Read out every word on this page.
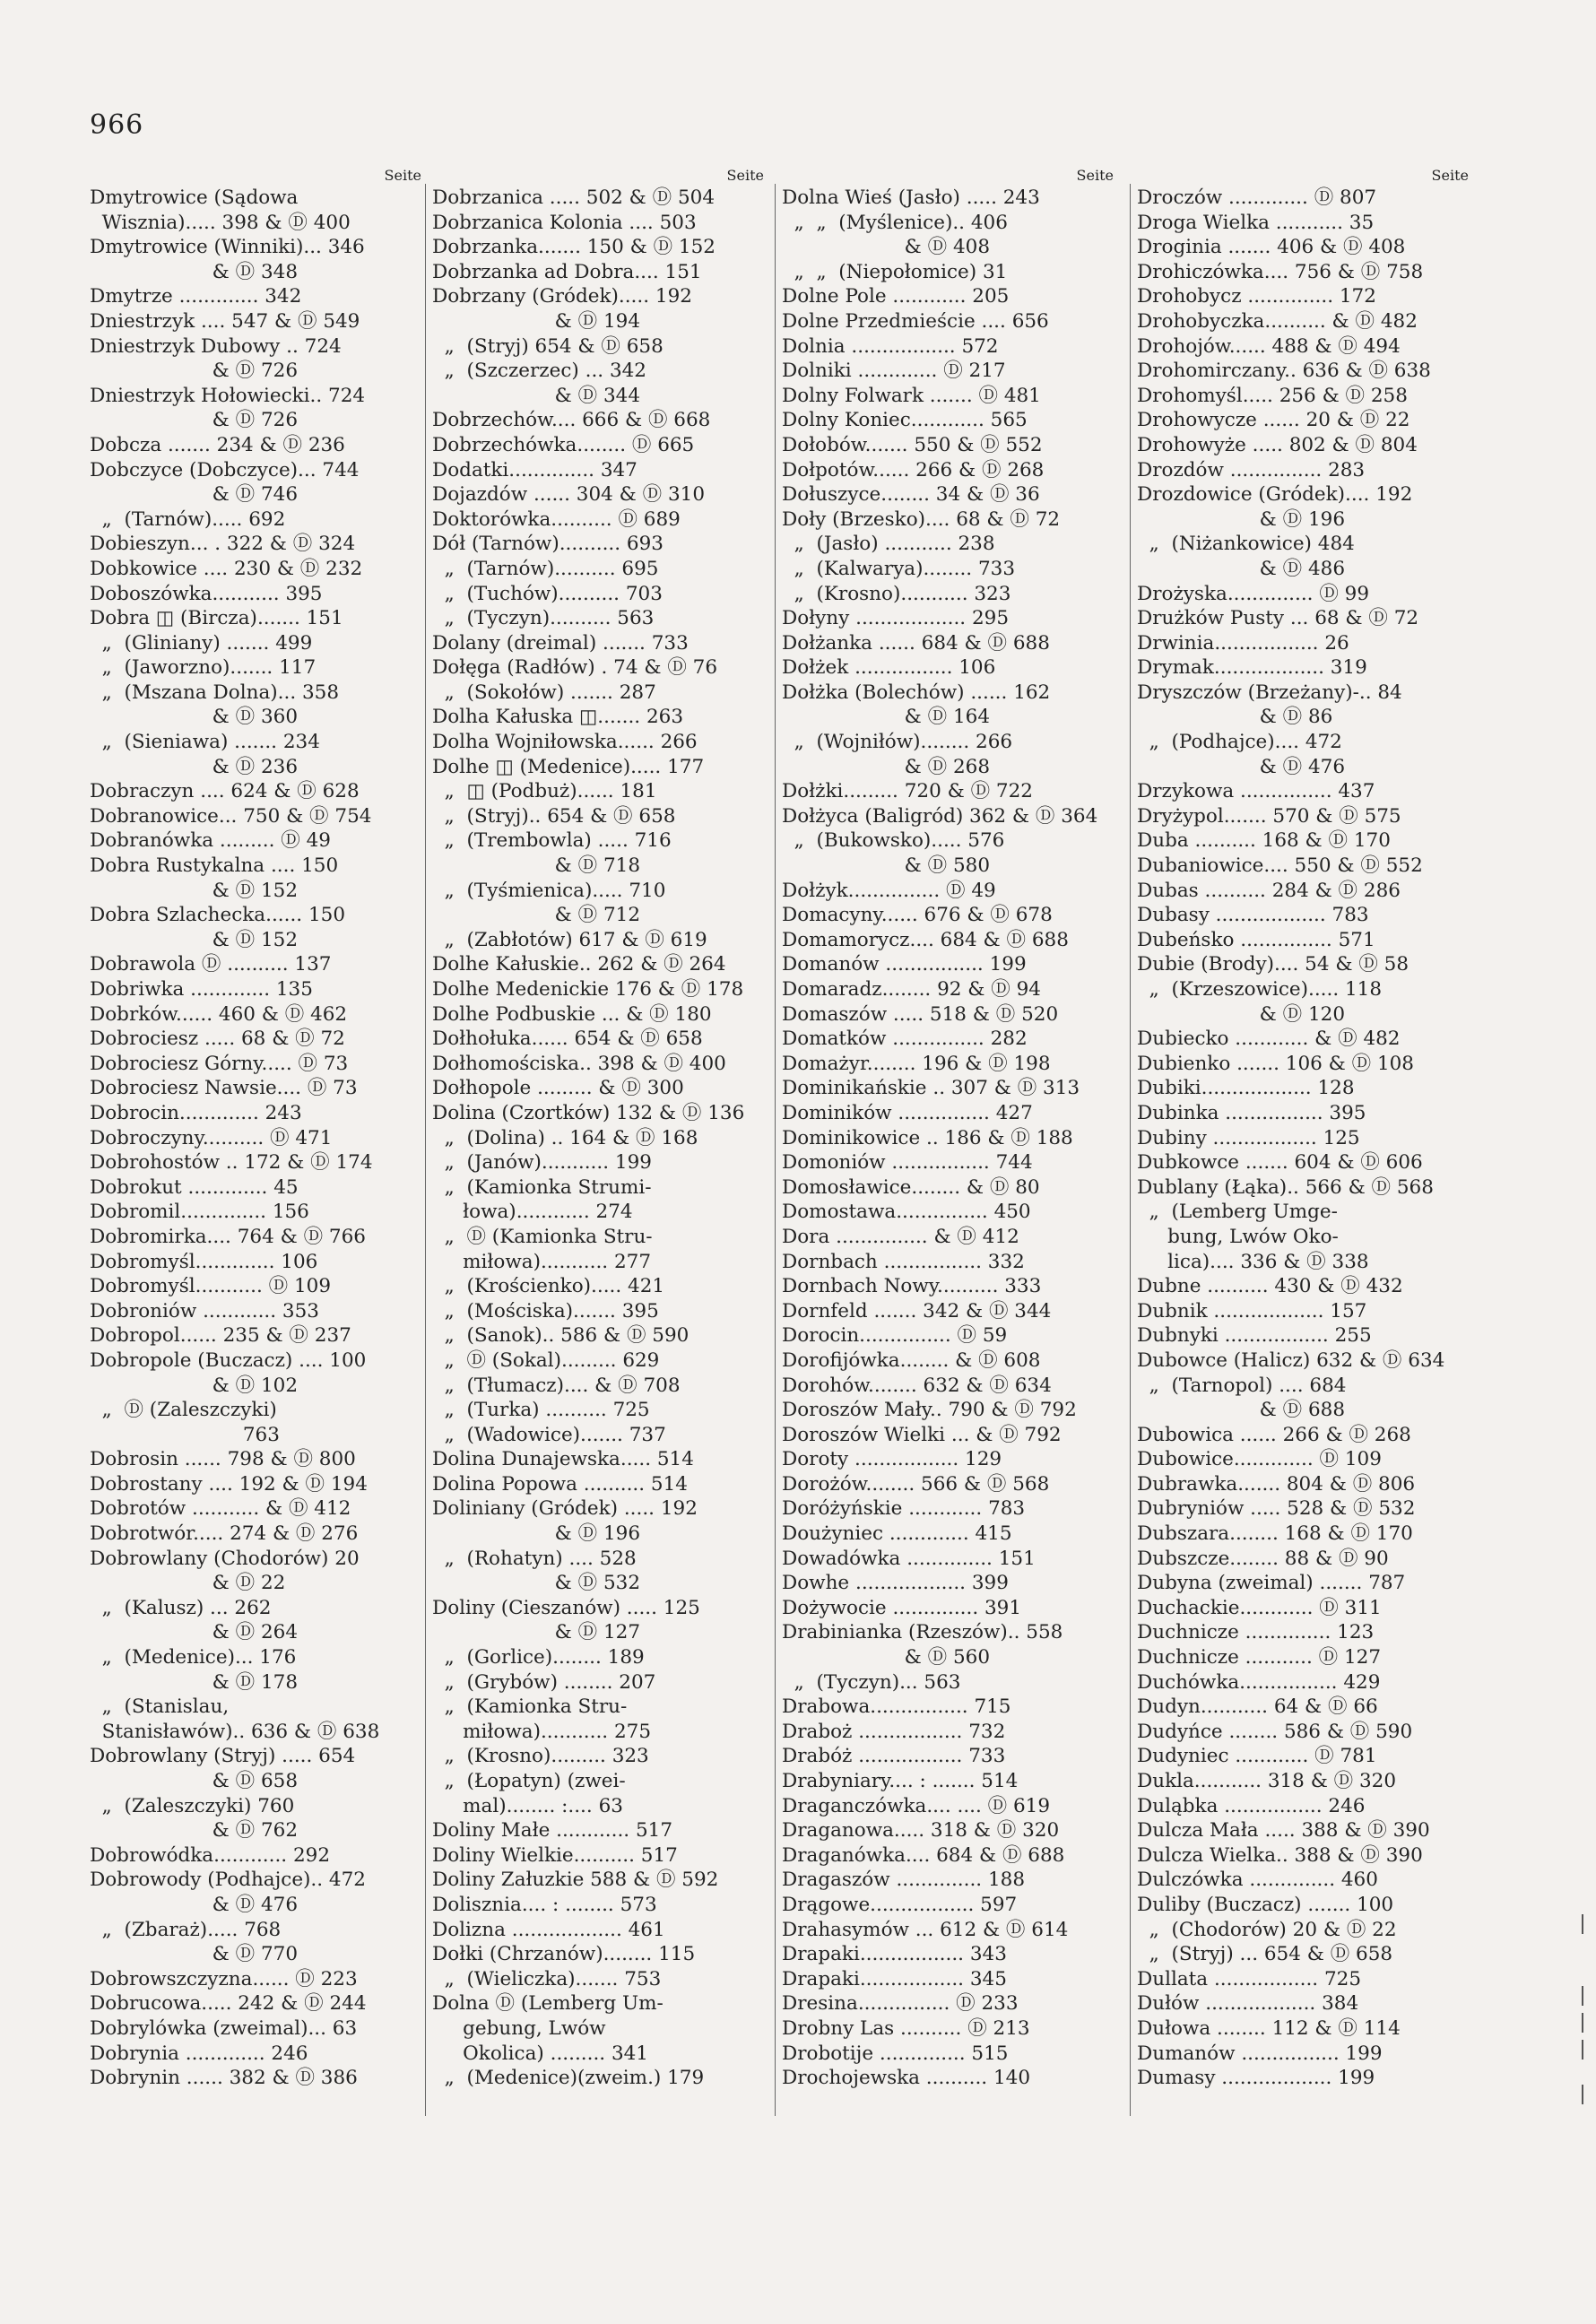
966
Seite
Dmytrowice (Sądowa
Wisznia)..... 398 & Ⓓ 400
Dmytrowice (Winniki)... 346
& Ⓓ 348
Dmytrze ............. 342
Dniestrzyk .... 547 & Ⓓ 549
Dniestrzyk Dubowy .. 724
& Ⓓ 726
Dniestrzyk Hołowiecki.. 724
& Ⓓ 726
Dobcza ....... 234 & Ⓓ 236
Dobczyce (Dobczyce)... 744
& Ⓓ 746
„  (Tarnów)..... 692
Dobieszyn... . 322 & Ⓓ 324
Dobkowice .... 230 & Ⓓ 232
Doboszówka........... 395
Dobra ◫ (Bircza)....... 151
„  (Gliniany) ....... 499
„  (Jaworzno)....... 117
„  (Mszana Dolna)... 358
& Ⓓ 360
„  (Sieniawa) ....... 234
& Ⓓ 236
Dobraczyn .... 624 & Ⓓ 628
Dobranowice... 750 & Ⓓ 754
Dobranówka ......... Ⓓ 49
Dobra Rustykalna .... 150
& Ⓓ 152
Dobra Szlachecka...... 150
& Ⓓ 152
Dobrawola Ⓓ .......... 137
Dobriwka ............. 135
Dobrków...... 460 & Ⓓ 462
Dobrociesz ..... 68 & Ⓓ 72
Dobrociesz Górny..... Ⓓ 73
Dobrociesz Nawsie.... Ⓓ 73
Dobrocin............. 243
Dobroczyny.......... Ⓓ 471
Dobrohostów .. 172 & Ⓓ 174
Dobrokut ............. 45
Dobromil.............. 156
Dobromirka.... 764 & Ⓓ 766
Dobromyśl............. 106
Dobromyśl........... Ⓓ 109
Dobroniów ............ 353
Dobropol...... 235 & Ⓓ 237
Dobropole (Buczacz) .... 100
& Ⓓ 102
„  Ⓓ (Zaleszczyki)
763
Dobrosin ...... 798 & Ⓓ 800
Dobrostany .... 192 & Ⓓ 194
Dobrotów ........... & Ⓓ 412
Dobrotwór..... 274 & Ⓓ 276
Dobrowlany (Chodorów) 20
& Ⓓ 22
„  (Kalusz) ... 262
& Ⓓ 264
„  (Medenice)... 176
& Ⓓ 178
„  (Stanislau,
Stanisławów).. 636 & Ⓓ 638
Dobrowlany (Stryj) ..... 654
& Ⓓ 658
„  (Zaleszczyki) 760
& Ⓓ 762
Dobrowódka............ 292
Dobrowody (Podhajce).. 472
& Ⓓ 476
„  (Zbaraż)..... 768
& Ⓓ 770
Dobrowszczyzna...... Ⓓ 223
Dobrucowa..... 242 & Ⓓ 244
Dobrylówka (zweimal)... 63
Dobrynia ............. 246
Dobrynin ...... 382 & Ⓓ 386
Seite
Dobrzanica ..... 502 & Ⓓ 504
Dobrzanica Kolonia .... 503
Dobrzanka....... 150 & Ⓓ 152
Dobrzanka ad Dobra.... 151
Dobrzany (Gródek)..... 192
& Ⓓ 194
„  (Stryj) 654 & Ⓓ 658
„  (Szczerzec) ... 342
& Ⓓ 344
Dobrzechów.... 666 & Ⓓ 668
Dobrzechówka........ Ⓓ 665
Dodatki.............. 347
Dojazdów ...... 304 & Ⓓ 310
Doktorówka.......... Ⓓ 689
Dół (Tarnów).......... 693
„  (Tarnów).......... 695
„  (Tuchów).......... 703
„  (Tyczyn).......... 563
Dolany (dreimal) ....... 733
Dołęga (Radłów) . 74 & Ⓓ 76
„  (Sokołów) ....... 287
Dolha Kałuska ◫....... 263
Dolha Wojniłowska...... 266
Dolhe ◫ (Medenice)..... 177
„  ◫ (Podbuż)...... 181
„  (Stryj).. 654 & Ⓓ 658
„  (Trembowla) ..... 716
& Ⓓ 718
„  (Tyśmienica)..... 710
& Ⓓ 712
„  (Zabłotów) 617 & Ⓓ 619
Dolhe Kałuskie.. 262 & Ⓓ 264
Dolhe Medenickie 176 & Ⓓ 178
Dolhe Podbuskie ... & Ⓓ 180
Dołhołuka...... 654 & Ⓓ 658
Dołhomościska.. 398 & Ⓓ 400
Dołhopole ......... & Ⓓ 300
Dolina (Czortków) 132 & Ⓓ 136
„  (Dolina) .. 164 & Ⓓ 168
„  (Janów)........... 199
„  (Kamionka Strumi-
łowa)............ 274
„  Ⓓ (Kamionka Stru-
miłowa)........... 277
„  (Krościenko)..... 421
„  (Mościska)....... 395
„  (Sanok).. 586 & Ⓓ 590
„  Ⓓ (Sokal)......... 629
„  (Tłumacz).... & Ⓓ 708
„  (Turka) .......... 725
„  (Wadowice)....... 737
Dolina Dunajewska..... 514
Dolina Popowa .......... 514
Doliniany (Gródek) ..... 192
& Ⓓ 196
„  (Rohatyn) .... 528
& Ⓓ 532
Doliny (Cieszanów) ..... 125
& Ⓓ 127
„  (Gorlice)........ 189
„  (Grybów) ........ 207
„  (Kamionka Stru-
miłowa)........... 275
„  (Krosno)......... 323
„  (Łopatyn) (zwei-
mal)........ :.... 63
Doliny Małe ............ 517
Doliny Wielkie.......... 517
Doliny Załuzkie 588 & Ⓓ 592
Dolisznia.... : ........ 573
Dolizna .................. 461
Dołki (Chrzanów)........ 115
„  (Wieliczka)....... 753
Dolna Ⓓ (Lemberg Um-
gebung, Lwów
Okolica) ......... 341
„  (Medenice)(zweim.) 179
Seite
Dolna Wieś (Jasło) ..... 243
„  „  (Myślenice).. 406
& Ⓓ 408
„  „  (Niepołomice) 31
Dolne Pole ............ 205
Dolne Przedmieście .... 656
Dolnia ................. 572
Dolniki ............. Ⓓ 217
Dolny Folwark ....... Ⓓ 481
Dolny Koniec............ 565
Dołobów....... 550 & Ⓓ 552
Dołpotów...... 266 & Ⓓ 268
Dołuszyce........ 34 & Ⓓ 36
Doły (Brzesko).... 68 & Ⓓ 72
„  (Jasło) ........... 238
„  (Kalwarya)........ 733
„  (Krosno)........... 323
Dołyny .................. 295
Dołżanka ...... 684 & Ⓓ 688
Dołżek ................ 106
Dołżka (Bolechów) ...... 162
& Ⓓ 164
„  (Wojniłów)........ 266
& Ⓓ 268
Dołżki......... 720 & Ⓓ 722
Dołżyca (Baligród) 362 & Ⓓ 364
„  (Bukowsko)..... 576
& Ⓓ 580
Dołżyk............... Ⓓ 49
Domacyny...... 676 & Ⓓ 678
Domamorycz.... 684 & Ⓓ 688
Domanów ................ 199
Domaradz........ 92 & Ⓓ 94
Domaszów ..... 518 & Ⓓ 520
Domatków ............... 282
Domażyr........ 196 & Ⓓ 198
Dominikańskie .. 307 & Ⓓ 313
Dominików ............... 427
Dominikowice .. 186 & Ⓓ 188
Domoniów ................ 744
Domosławice........ & Ⓓ 80
Domostawa............... 450
Dora ............... & Ⓓ 412
Dornbach ................ 332
Dornbach Nowy.......... 333
Dornfeld ....... 342 & Ⓓ 344
Dorocin............... Ⓓ 59
Dorofijówka........ & Ⓓ 608
Dorohów........ 632 & Ⓓ 634
Doroszów Mały.. 790 & Ⓓ 792
Doroszów Wielki ... & Ⓓ 792
Doroty ................. 129
Dorożów........ 566 & Ⓓ 568
Doróżyńskie ............ 783
Doużyniec ............. 415
Dowadówka .............. 151
Dowhe .................. 399
Dożywocie .............. 391
Drabinianka (Rzeszów).. 558
& Ⓓ 560
„  (Tyczyn)... 563
Drabowa................ 715
Draboż ................. 732
Drabóż ................. 733
Drabyniary.... : ....... 514
Draganczówka.... .... Ⓓ 619
Draganowa..... 318 & Ⓓ 320
Draganówka.... 684 & Ⓓ 688
Dragaszów .............. 188
Drągowe................. 597
Drahasymów ... 612 & Ⓓ 614
Drapaki................. 343
Drapaki................. 345
Dresina............... Ⓓ 233
Drobny Las .......... Ⓓ 213
Drobotije .............. 515
Drochojewska .......... 140
Seite
Droczów ............. Ⓓ 807
Droga Wielka ........... 35
Droginia ....... 406 & Ⓓ 408
Drohiczówka.... 756 & Ⓓ 758
Drohobycz .............. 172
Drohobyczka.......... & Ⓓ 482
Drohojów...... 488 & Ⓓ 494
Drohomirczany.. 636 & Ⓓ 638
Drohomyśl..... 256 & Ⓓ 258
Drohowycze ...... 20 & Ⓓ 22
Drohowyże ..... 802 & Ⓓ 804
Drozdów ............... 283
Drozdowice (Gródek).... 192
& Ⓓ 196
„  (Niżankowice) 484
& Ⓓ 486
Drożyska.............. Ⓓ 99
Drużków Pusty ... 68 & Ⓓ 72
Drwinia................. 26
Drymak.................. 319
Dryszczów (Brzeżany)-.. 84
& Ⓓ 86
„  (Podhajce).... 472
& Ⓓ 476
Drzykowa ............... 437
Dryżypol....... 570 & Ⓓ 575
Duba .......... 168 & Ⓓ 170
Dubaniowice.... 550 & Ⓓ 552
Dubas .......... 284 & Ⓓ 286
Dubasy .................. 783
Dubeńsko ............... 571
Dubie (Brody).... 54 & Ⓓ 58
„  (Krzeszowice)..... 118
& Ⓓ 120
Dubiecko ............ & Ⓓ 482
Dubienko ....... 106 & Ⓓ 108
Dubiki.................. 128
Dubinka ................ 395
Dubiny ................. 125
Dubkowce ....... 604 & Ⓓ 606
Dublany (Łąka).. 566 & Ⓓ 568
„  (Lemberg Umge-
bung, Lwów Oko-
lica).... 336 & Ⓓ 338
Dubne .......... 430 & Ⓓ 432
Dubnik .................. 157
Dubnyki ................. 255
Dubowce (Halicz) 632 & Ⓓ 634
„  (Tarnopol) .... 684
& Ⓓ 688
Dubowica ...... 266 & Ⓓ 268
Dubowice............. Ⓓ 109
Dubrawka....... 804 & Ⓓ 806
Dubryniów ..... 528 & Ⓓ 532
Dubszara........ 168 & Ⓓ 170
Dubszcze........ 88 & Ⓓ 90
Dubyna (zweimal) ....... 787
Duchackie............ Ⓓ 311
Duchnicze .............. 123
Duchnicze ........... Ⓓ 127
Duchówka................ 429
Dudyn........... 64 & Ⓓ 66
Dudyńce ........ 586 & Ⓓ 590
Dudyniec ............ Ⓓ 781
Dukla........... 318 & Ⓓ 320
Duląbka ................ 246
Dulcza Mała ..... 388 & Ⓓ 390
Dulcza Wielka.. 388 & Ⓓ 390
Dulczówka .............. 460
Duliby (Buczacz) ....... 100
„  (Chodorów) 20 & Ⓓ 22
„  (Stryj) ... 654 & Ⓓ 658
Dullata ................. 725
Dułów .................. 384
Dułowa ........ 112 & Ⓓ 114
Dumanów ................ 199
Dumasy .................. 199
